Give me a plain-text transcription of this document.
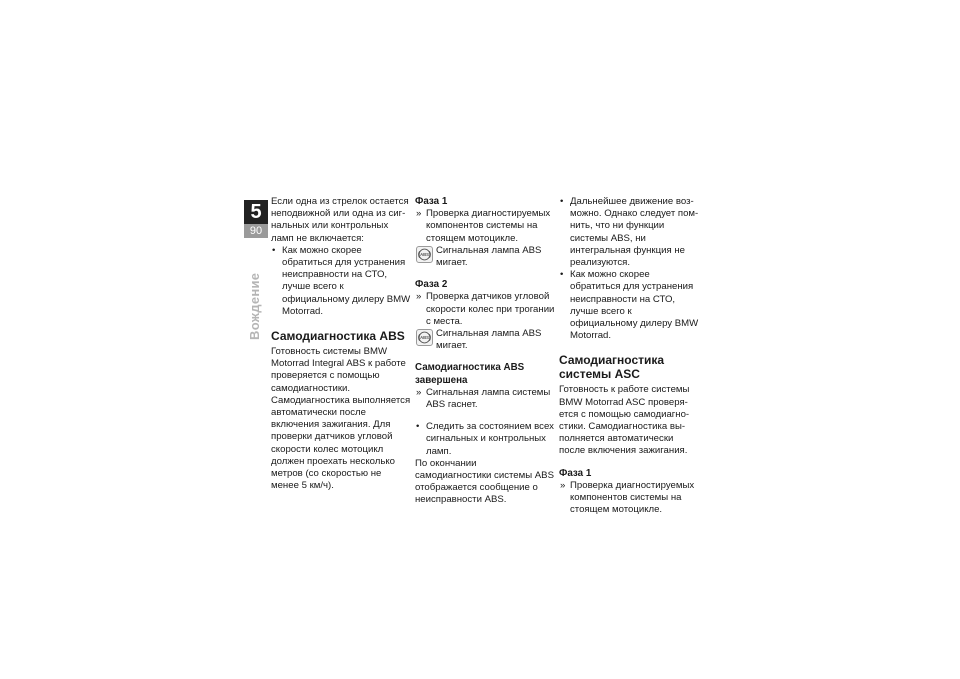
5
90
Вождение

Если одна из стрелок остается неподвижной или одна из сигнальных или контрольных ламп не включается:

• Как можно скорее обратиться для устранения неисправности на СТО, лучше всего к официальному дилеру BMW Motorrad.

Самодиагностика ABS

Готовность системы BMW Motorrad Integral ABS к работе проверяется с помощью самодиагностики. Самодиагностика выполняется автоматически после включения зажигания. Для проверки датчиков угловой скорости колес мотоцикл должен проехать несколько метров (со скоростью не менее 5 км/ч).

Фаза 1

» Проверка диагностируемых компонентов системы на стоящем мотоцикле.

ABS Сигнальная лампа ABS мигает.
Фаза 2

» Проверка датчиков угловой скорости колес при трогании с места.

ABS Сигнальная лампа ABS мигает.
Самодиагностика ABS завершена

» Сигнальная лампа системы ABS гаснет.

• Следить за состоянием всех сигнальных и контрольных ламп.

По окончании самодиагностики системы ABS отображается сообщение о неисправности ABS.

• Дальнейшее движение возможно. Однако следует помнить, что ни функции системы ABS, ни интегральная функция не реализуются.

• Как можно скорее обратиться для устранения неисправности на СТО, лучше всего к официальному дилеру BMW Motorrad.

Самодиагностика системы ASC

Готовность к работе системы BMW Motorrad ASC проверяется с помощью самодиагностики. Самодиагностика выполняется автоматически после включения зажигания.

Фаза 1

» Проверка диагностируемых компонентов системы на стоящем мотоцикле.
